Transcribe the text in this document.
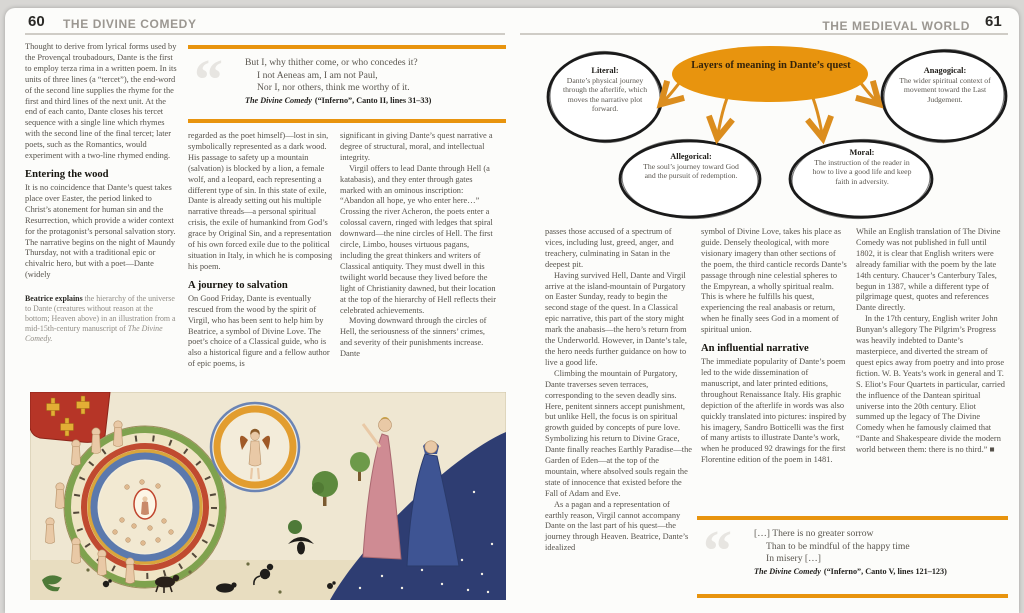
60 THE DIVINE COMEDY
Thought to derive from lyrical forms used by the Provençal troubadours, Dante is the first to employ terza rima in a written poem. In its units of three lines (a “tercet”), the end-word of the second line supplies the rhyme for the first and third lines of the next unit. At the end of each canto, Dante closes his tercet sequence with a single line which rhymes with the second line of the final tercet; later poets, such as the Romantics, would experiment with a two-line rhymed ending.
Entering the wood
It is no coincidence that Dante’s quest takes place over Easter, the period linked to Christ’s atonement for human sin and the Resurrection, which provide a wider context for the protagonist’s personal salvation story. The narrative begins on the night of Maundy Thursday, not with a traditional epic or chivalric hero, but with a poet—Dante (widely
Beatrice explains the hierarchy of the universe to Dante (creatures without reason at the bottom; Heaven above) in an illustration from a mid-15th-century manuscript of The Divine Comedy.
“ But I, why thither come, or who concedes it?
I not Aeneas am, I am not Paul,
Nor I, nor others, think me worthy of it.
The Divine Comedy (“Inferno”, Canto II, lines 31–33)
regarded as the poet himself)—lost in sin, symbolically represented as a dark wood. His passage to safety up a mountain (salvation) is blocked by a lion, a female wolf, and a leopard, each representing a different type of sin. In this state of exile, Dante is already setting out his multiple narrative threads—a personal spiritual crisis, the exile of humankind from God’s grace by Original Sin, and a representation of his own forced exile due to the political situation in Italy, in which he is composing his poem.
A journey to salvation
On Good Friday, Dante is eventually rescued from the wood by the spirit of Virgil, who has been sent to help him by Beatrice, a symbol of Divine Love. The poet’s choice of a Classical guide, who is also a historical figure and a fellow author of epic poems, is
significant in giving Dante’s quest narrative a degree of structural, moral, and intellectual integrity.
Virgil offers to lead Dante through Hell (a katabasis), and they enter through gates marked with an ominous inscription: “Abandon all hope, ye who enter here…” Crossing the river Acheron, the poets enter a colossal cavern, ringed with ledges that spiral downward—the nine circles of Hell. The first circle, Limbo, houses virtuous pagans, including the great thinkers and writers of Classical antiquity. They must dwell in this twilight world because they lived before the light of Christianity dawned, but their location at the top of the hierarchy of Hell reflects their celebrated achievements.
Moving downward through the circles of Hell, the seriousness of the sinners’ crimes, and severity of their punishments increase. Dante
THE MEDIEVAL WORLD 61
Layers of meaning in Dante’s quest
Literal:
Dante’s physical journey through the afterlife, which moves the narrative plot forward.
Anagogical:
The wider spiritual context of movement toward the Last Judgement.
Allegorical:
The soul’s journey toward God and the pursuit of redemption.
Moral:
The instruction of the reader in how to live a good life and keep faith in adversity.
passes those accused of a spectrum of vices, including lust, greed, anger, and treachery, culminating in Satan in the deepest pit.
Having survived Hell, Dante and Virgil arrive at the island-mountain of Purgatory on Easter Sunday, ready to begin the second stage of the quest. In a Classical epic narrative, this part of the story might mark the anabasis—the hero’s return from the Underworld. However, in Dante’s tale, the hero needs further guidance on how to live a good life.
Climbing the mountain of Purgatory, Dante traverses seven terraces, corresponding to the seven deadly sins. Here, penitent sinners accept punishment, but unlike Hell, the focus is on spiritual growth guided by concepts of pure love. Symbolizing his return to Divine Grace, Dante finally reaches Earthly Paradise—the Garden of Eden—at the top of the mountain, where absolved souls regain the state of innocence that existed before the Fall of Adam and Eve.
As a pagan and a representation of earthly reason, Virgil cannot accompany Dante on the last part of his quest—the journey through Heaven. Beatrice, Dante’s idealized
symbol of Divine Love, takes his place as guide. Densely theological, with more visionary imagery than other sections of the poem, the third canticle records Dante’s passage through nine celestial spheres to the Empyrean, a wholly spiritual realm. This is where he fulfills his quest, experiencing the real anabasis or return, when he finally sees God in a moment of spiritual union.
An influential narrative
The immediate popularity of Dante’s poem led to the wide dissemination of manuscript, and later printed editions, throughout Renaissance Italy. His graphic depiction of the afterlife in words was also quickly translated into pictures: inspired by his imagery, Sandro Botticelli was the first of many artists to illustrate Dante’s work, when he produced 92 drawings for the first Florentine edition of the poem in 1481.
While an English translation of The Divine Comedy was not published in full until 1802, it is clear that English writers were already familiar with the poem by the late 14th century. Chaucer’s Canterbury Tales, begun in 1387, while a different type of pilgrimage quest, quotes and references Dante directly.
In the 17th century, English writer John Bunyan’s allegory The Pilgrim’s Progress was heavily indebted to Dante’s masterpiece, and diverted the stream of quest epics away from poetry and into prose fiction. W. B. Yeats’s work in general and T. S. Eliot’s Four Quartets in particular, carried the influence of the Dantean spiritual universe into the 20th century. Eliot summed up the legacy of The Divine Comedy when he famously claimed that “Dante and Shakespeare divide the modern world between them: there is no third.” ■
“ […] There is no greater sorrow
Than to be mindful of the happy time
In misery […]
The Divine Comedy (“Inferno”, Canto V, lines 121–123)
